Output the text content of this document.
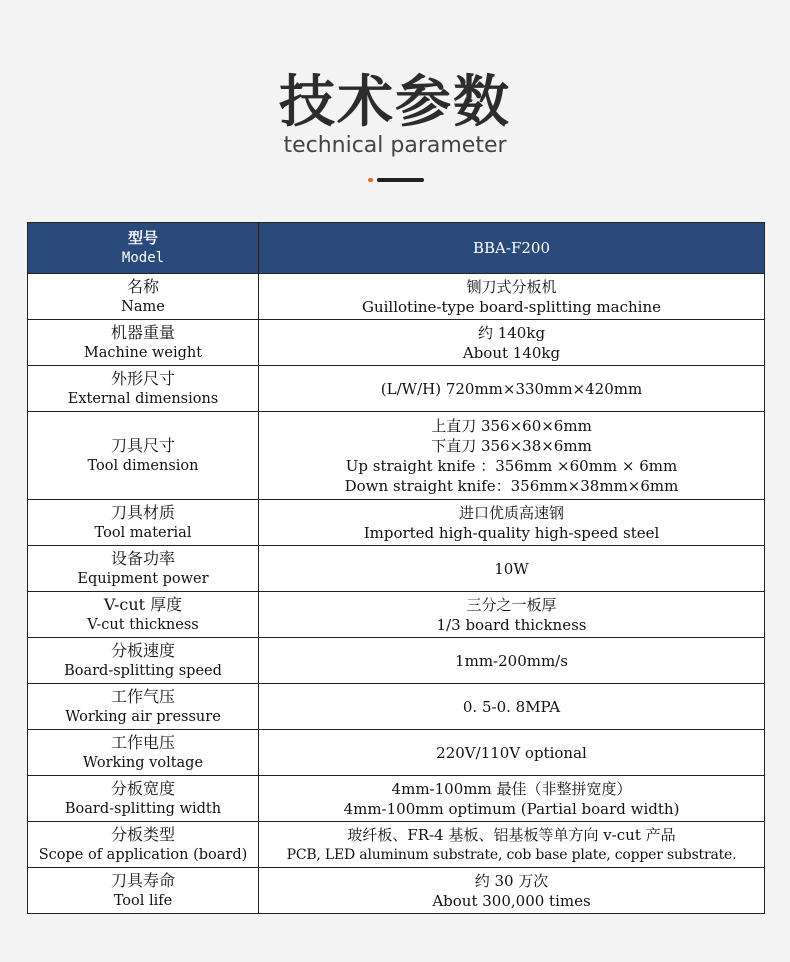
技术参数
technical parameter
型号
Model	BBA-F200

名称
Name	铡刀式分板机
Guillotine-type board-splitting machine

机器重量
Machine weight	约 140kg
About 140kg

外形尺寸
External dimensions	(L/W/H) 720mm×330mm×420mm

刀具尺寸
Tool dimension	上直刀 356×60×6mm
下直刀 356×38×6mm
Up straight knife ：356mm ×60mm × 6mm
Down straight knife：356mm×38mm×6mm

刀具材质
Tool material	进口优质高速钢
Imported high-quality high-speed steel

设备功率
Equipment power	10W

V-cut 厚度
V-cut thickness	三分之一板厚
1/3 board thickness

分板速度
Board-splitting speed	1mm-200mm/s

工作气压
Working air pressure	0. 5-0. 8MPA

工作电压
Working voltage	220V/110V optional

分板宽度
Board-splitting width	4mm-100mm 最佳（非整拼宽度）
4mm-100mm optimum (Partial board width)

分板类型
Scope of application (board)	玻纤板、FR-4 基板、铝基板等单方向 v-cut 产品
PCB, LED aluminum substrate, cob base plate, copper substrate.

刀具寿命
Tool life	约 30 万次
About 300,000 times
